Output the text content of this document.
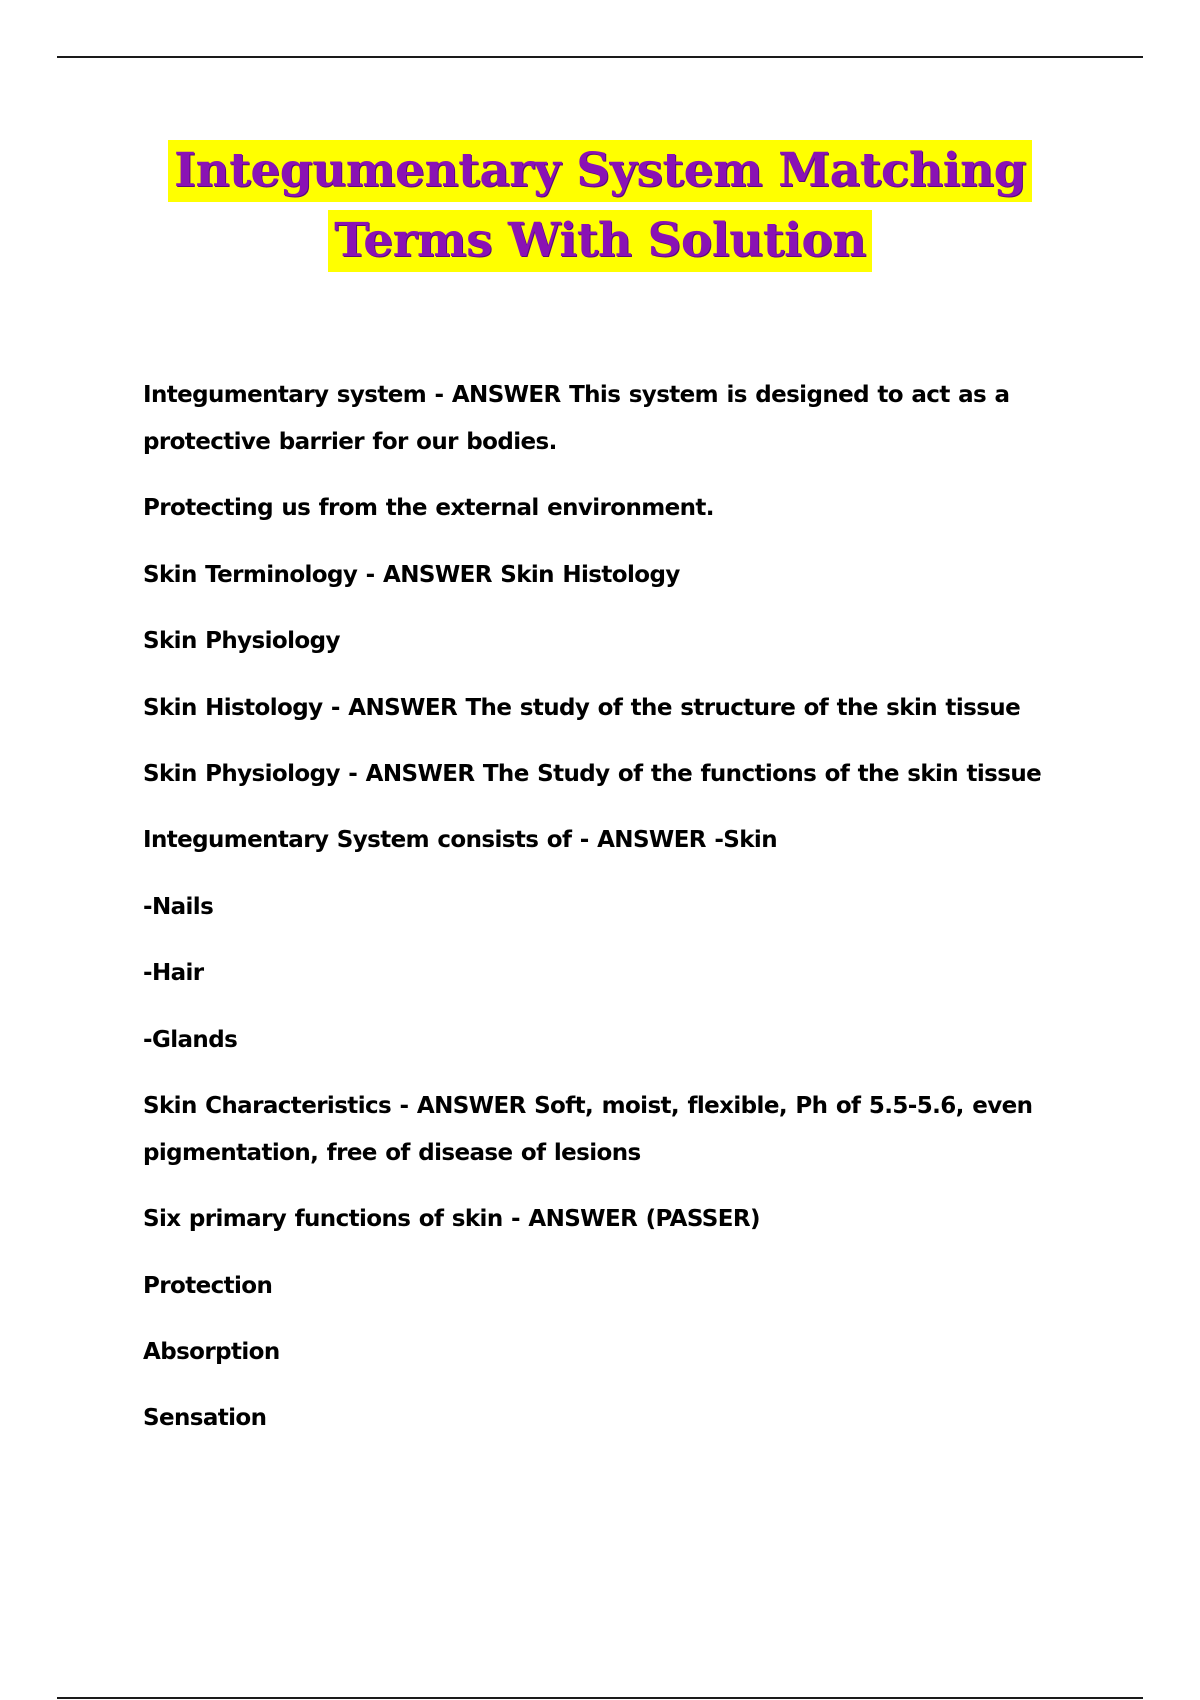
Integumentary System Matching
Terms With Solution

Integumentary system - ANSWER This system is designed to act as a protective barrier for our bodies.

Protecting us from the external environment.

Skin Terminology - ANSWER Skin Histology

Skin Physiology

Skin Histology - ANSWER The study of the structure of the skin tissue

Skin Physiology - ANSWER The Study of the functions of the skin tissue

Integumentary System consists of - ANSWER -Skin

-Nails

-Hair

-Glands

Skin Characteristics - ANSWER Soft, moist, flexible, Ph of 5.5-5.6, even pigmentation, free of disease of lesions

Six primary functions of skin - ANSWER (PASSER)

Protection

Absorption

Sensation
